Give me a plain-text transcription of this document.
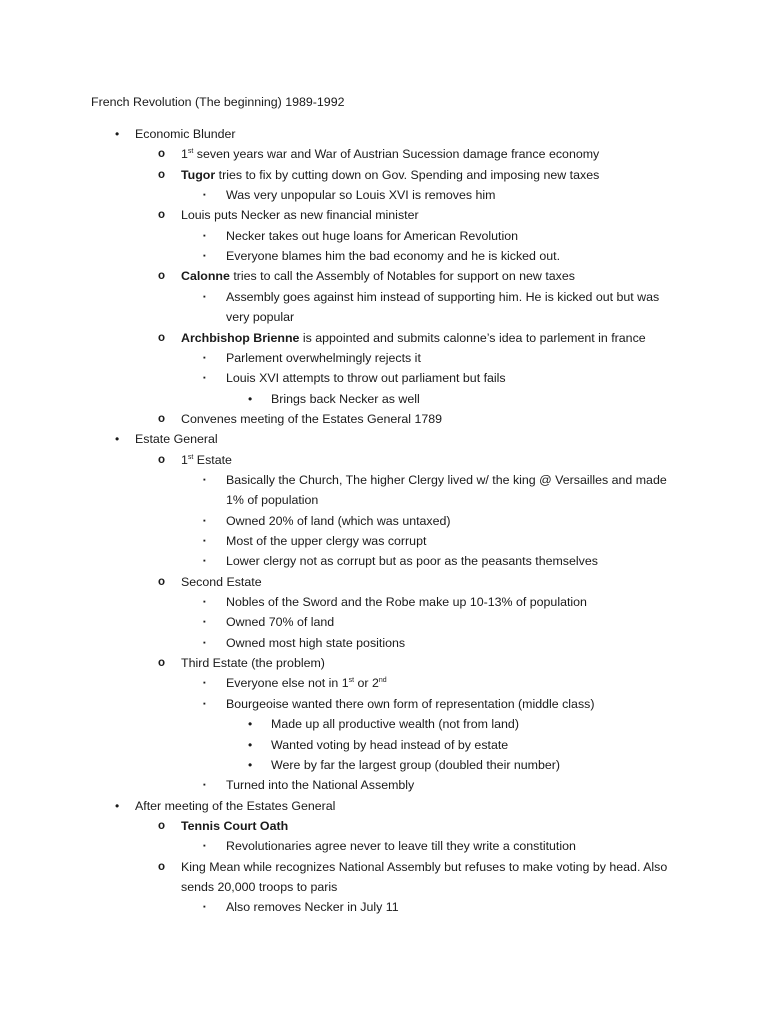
French Revolution (The beginning) 1989-1992
• Economic Blunder
o 1st seven years war and War of Austrian Sucession damage france economy
o Tugor tries to fix by cutting down on Gov. Spending and imposing new taxes
▪ Was very unpopular so Louis XVI is removes him
o Louis puts Necker as new financial minister
▪ Necker takes out huge loans for American Revolution
▪ Everyone blames him the bad economy and he is kicked out.
o Calonne tries to call the Assembly of Notables for support on new taxes
▪ Assembly goes against him instead of supporting him. He is kicked out but was
very popular
o Archbishop Brienne is appointed and submits calonne’s idea to parlement in france
▪ Parlement overwhelmingly rejects it
▪ Louis XVI attempts to throw out parliament but fails
• Brings back Necker as well
o Convenes meeting of the Estates General 1789
• Estate General
o 1st Estate
▪ Basically the Church, The higher Clergy lived w/ the king @ Versailles and made
1% of population
▪ Owned 20% of land (which was untaxed)
▪ Most of the upper clergy was corrupt
▪ Lower clergy not as corrupt but as poor as the peasants themselves
o Second Estate
▪ Nobles of the Sword and the Robe make up 10-13% of population
▪ Owned 70% of land
▪ Owned most high state positions
o Third Estate (the problem)
▪ Everyone else not in 1st or 2nd
▪ Bourgeoise wanted there own form of representation (middle class)
• Made up all productive wealth (not from land)
• Wanted voting by head instead of by estate
• Were by far the largest group (doubled their number)
▪ Turned into the National Assembly
• After meeting of the Estates General
o Tennis Court Oath
▪ Revolutionaries agree never to leave till they write a constitution
o King Mean while recognizes National Assembly but refuses to make voting by head. Also
sends 20,000 troops to paris
▪ Also removes Necker in July 11
